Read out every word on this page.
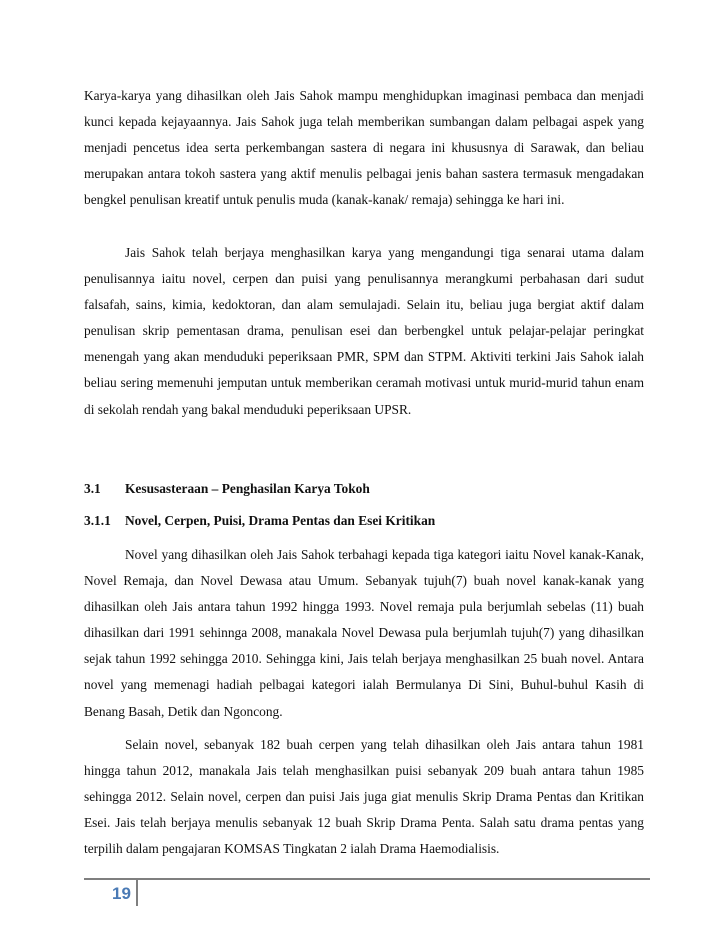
Karya-karya yang dihasilkan oleh Jais Sahok mampu menghidupkan imaginasi pembaca dan menjadi kunci kepada kejayaannya. Jais Sahok juga telah memberikan sumbangan dalam pelbagai aspek yang menjadi pencetus idea serta perkembangan sastera di negara ini khususnya di Sarawak, dan beliau merupakan antara tokoh sastera yang aktif menulis pelbagai jenis bahan sastera termasuk mengadakan bengkel penulisan kreatif untuk penulis muda (kanak-kanak/ remaja) sehingga ke hari ini.

Jais Sahok telah berjaya menghasilkan karya yang mengandungi tiga senarai utama dalam penulisannya iaitu novel, cerpen dan puisi yang penulisannya merangkumi perbahasan dari sudut falsafah, sains, kimia, kedoktoran, dan alam semulajadi. Selain itu, beliau juga bergiat aktif dalam penulisan skrip pementasan drama, penulisan esei dan berbengkel untuk pelajar-pelajar peringkat menengah yang akan menduduki peperiksaan PMR, SPM dan STPM. Aktiviti terkini Jais Sahok ialah beliau sering memenuhi jemputan untuk memberikan ceramah motivasi untuk murid-murid tahun enam di sekolah rendah yang bakal menduduki peperiksaan UPSR.

3.1 Kesusasteraan – Penghasilan Karya Tokoh
3.1.1 Novel, Cerpen, Puisi, Drama Pentas dan Esei Kritikan

Novel yang dihasilkan oleh Jais Sahok terbahagi kepada tiga kategori iaitu Novel kanak-Kanak, Novel Remaja, dan Novel Dewasa atau Umum. Sebanyak tujuh(7) buah novel kanak-kanak yang dihasilkan oleh Jais antara tahun 1992 hingga 1993. Novel remaja pula berjumlah sebelas (11) buah dihasilkan dari 1991 sehinnga 2008, manakala Novel Dewasa pula berjumlah tujuh(7) yang dihasilkan sejak tahun 1992 sehingga 2010. Sehingga kini, Jais telah berjaya menghasilkan 25 buah novel. Antara novel yang memenagi hadiah pelbagai kategori ialah Bermulanya Di Sini, Buhul-buhul Kasih di Benang Basah, Detik dan Ngoncong.

Selain novel, sebanyak 182 buah cerpen yang telah dihasilkan oleh Jais antara tahun 1981 hingga tahun 2012, manakala Jais telah menghasilkan puisi sebanyak 209 buah antara tahun 1985 sehingga 2012. Selain novel, cerpen dan puisi Jais juga giat menulis Skrip Drama Pentas dan Kritikan Esei. Jais telah berjaya menulis sebanyak 12 buah Skrip Drama Penta. Salah satu drama pentas yang terpilih dalam pengajaran KOMSAS Tingkatan 2 ialah Drama Haemodialisis.

19
